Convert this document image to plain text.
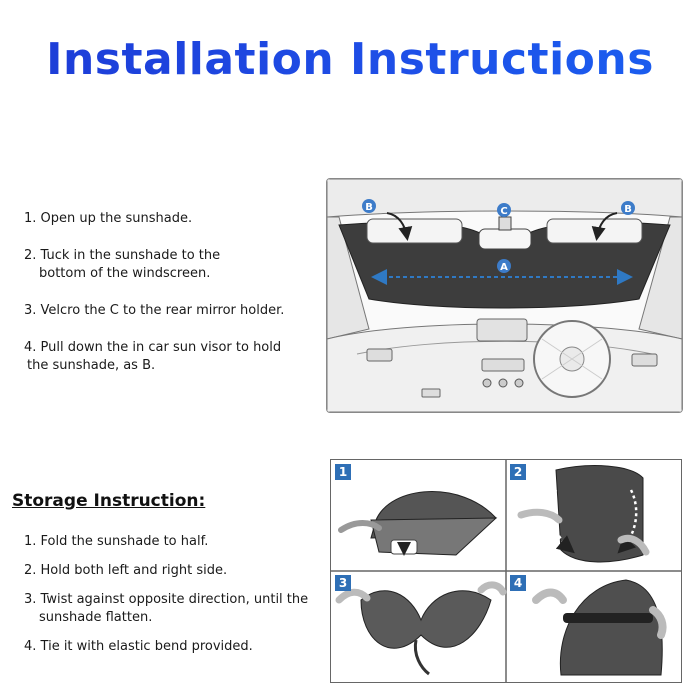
Installation Instructions
1. Open up the sunshade.
2. Tuck in the sunshade to the
bottom of the windscreen.
3. Velcro the C to the rear mirror holder.
4. Pull down the in car sun visor to hold
the sunshade, as B.
B	C
A
B
Storage Instruction:
1. Fold the sunshade to half.
2. Hold both left and right side.
3. Twist against opposite direction, until the
sunshade flatten.
4. Tie it with elastic bend provided.
1	2
3	4
